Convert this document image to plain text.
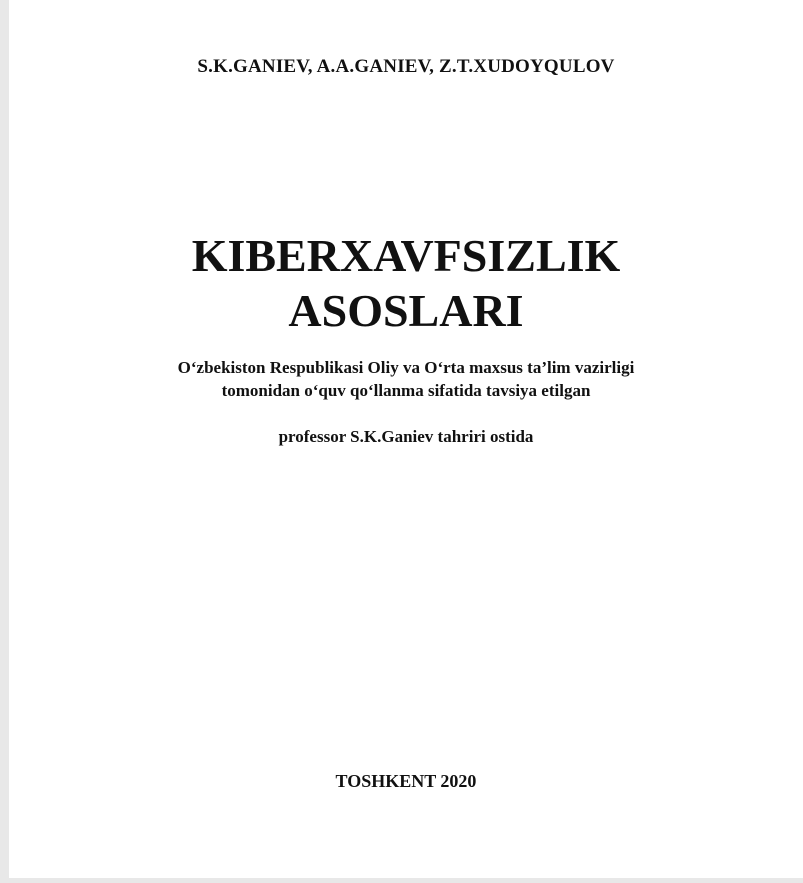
S.K.GANIEV, A.A.GANIEV, Z.T.XUDOYQULOV
KIBERXAVFSIZLIK
ASOSLARI
O‘zbekiston Respublikasi Oliy va O‘rta maxsus ta’lim vazirligi
tomonidan o‘quv qo‘llanma sifatida tavsiya etilgan
professor S.K.Ganiev tahriri ostida
TOSHKENT 2020
